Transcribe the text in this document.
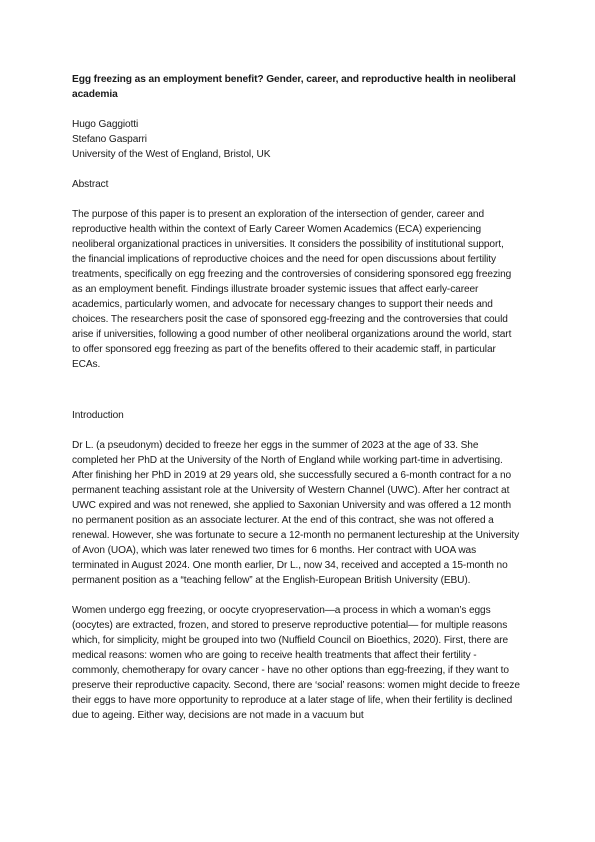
Egg freezing as an employment benefit? Gender, career, and reproductive health in neoliberal academia
Hugo Gaggiotti
Stefano Gasparri
University of the West of England, Bristol, UK
Abstract

The purpose of this paper is to present an exploration of the intersection of gender, career and reproductive health within the context of Early Career Women Academics (ECA) experiencing neoliberal organizational practices in universities. It considers the possibility of institutional support, the financial implications of reproductive choices and the need for open discussions about fertility treatments, specifically on egg freezing and the controversies of considering sponsored egg freezing as an employment benefit. Findings illustrate broader systemic issues that affect early-career academics, particularly women, and advocate for necessary changes to support their needs and choices. The researchers posit the case of sponsored egg-freezing and the controversies that could arise if universities, following a good number of other neoliberal organizations around the world, start to offer sponsored egg freezing as part of the benefits offered to their academic staff, in particular ECAs.

Introduction

Dr L. (a pseudonym) decided to freeze her eggs in the summer of 2023 at the age of 33. She completed her PhD at the University of the North of England while working part-time in advertising. After finishing her PhD in 2019 at 29 years old, she successfully secured a 6-month contract for a no permanent teaching assistant role at the University of Western Channel (UWC). After her contract at UWC expired and was not renewed, she applied to Saxonian University and was offered a 12 month no permanent position as an associate lecturer. At the end of this contract, she was not offered a renewal. However, she was fortunate to secure a 12-month no permanent lectureship at the University of Avon (UOA), which was later renewed two times for 6 months. Her contract with UOA was terminated in August 2024. One month earlier, Dr L., now 34, received and accepted a 15-month no permanent position as a “teaching fellow” at the English-European British University (EBU).

Women undergo egg freezing, or oocyte cryopreservation—a process in which a woman’s eggs (oocytes) are extracted, frozen, and stored to preserve reproductive potential— for multiple reasons which, for simplicity, might be grouped into two (Nuffield Council on Bioethics, 2020). First, there are medical reasons: women who are going to receive health treatments that affect their fertility - commonly, chemotherapy for ovary cancer - have no other options than egg-freezing, if they want to preserve their reproductive capacity. Second, there are ‘social’ reasons: women might decide to freeze their eggs to have more opportunity to reproduce at a later stage of life, when their fertility is declined due to ageing. Either way, decisions are not made in a vacuum but
